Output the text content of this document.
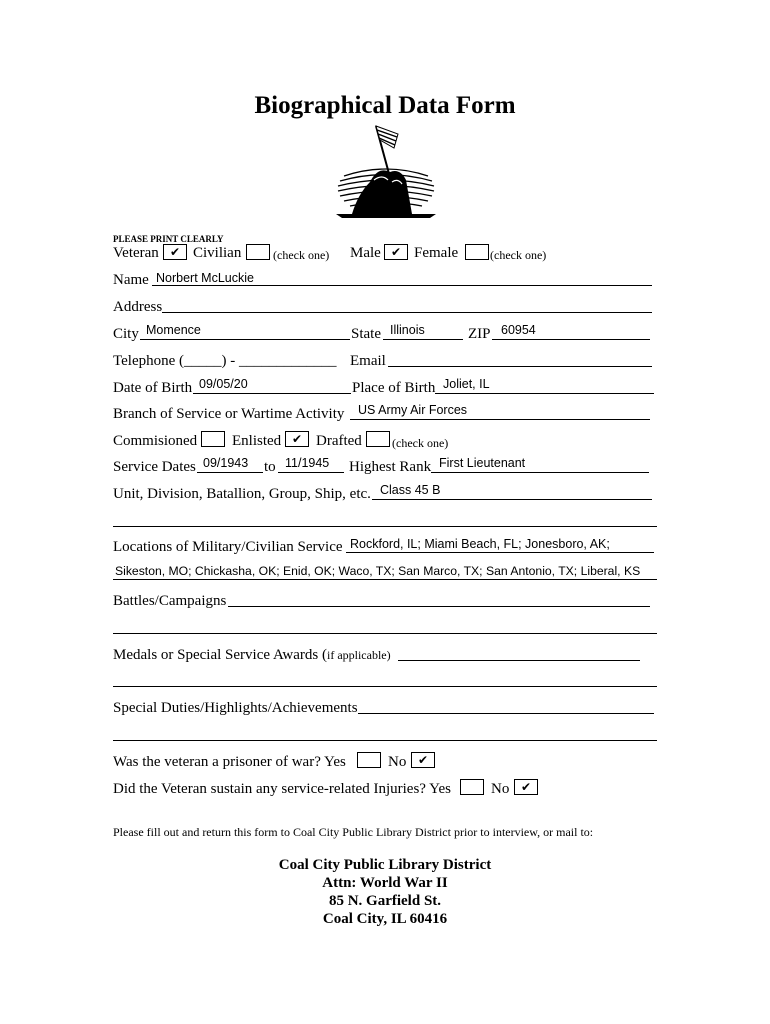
Biographical Data Form
PLEASE PRINT CLEARLY
Veteran ✔ Civilian	(check one) Male ✔ Female	(check one)
Name Norbert McLuckie
Address
City Momence	State Illinois	ZIP 60954
Telephone (_____) - _____________ Email
Date of Birth 09/05/20	Place of Birth Joliet, IL
Branch of Service or Wartime Activity US Army Air Forces
Commisioned Enlisted ✔ Drafted	(check one)
Service Dates 09/1943 to 11/1945 Highest Rank First Lieutenant
Unit, Division, Batallion, Group, Ship, etc. Class 45 B
Locations of Military/Civilian Service Rockford, IL; Miami Beach, FL; Jonesboro, AK;
Sikeston, MO; Chickasha, OK; Enid, OK; Waco, TX; San Marco, TX; San Antonio, TX; Liberal, KS
Battles/Campaigns
Medals or Special Service Awards (if applicable)
Special Duties/Highlights/Achievements
Was the veteran a prisoner of war? Yes	No ✔
Did the Veteran sustain any service-related Injuries? Yes	No ✔
Please fill out and return this form to Coal City Public Library District prior to interview, or mail to:
Coal City Public Library District
Attn: World War II
85 N. Garfield St.
Coal City, IL 60416
